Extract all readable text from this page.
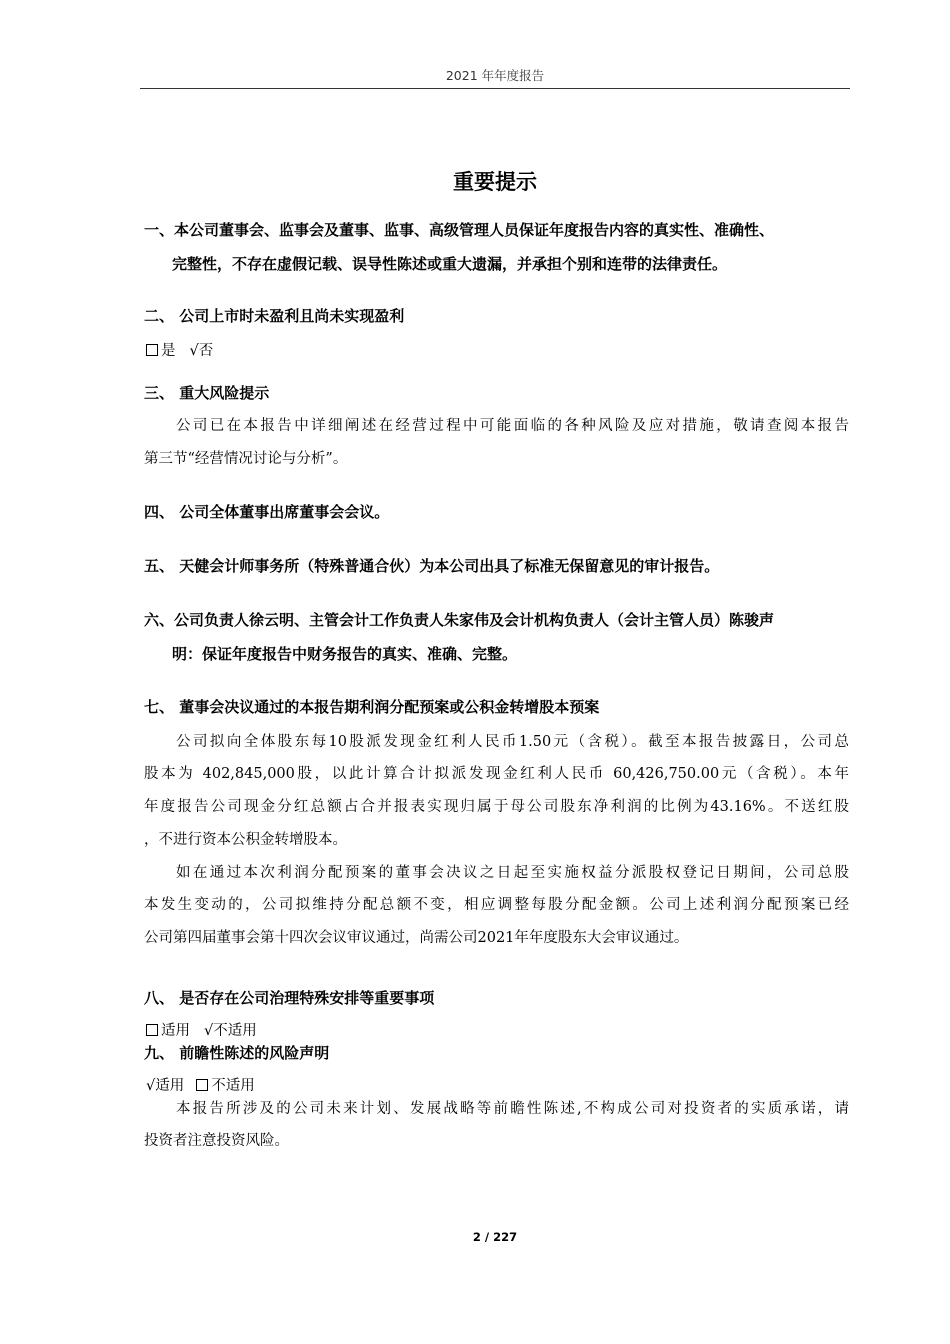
2021 年年度报告
重要提示
一、本公司董事会、监事会及董事、监事、高级管理人员保证年度报告内容的真实性、准确性、
完整性，不存在虚假记载、误导性陈述或重大遗漏，并承担个别和连带的法律责任。
二、 公司上市时未盈利且尚未实现盈利
是 √否
三、 重大风险提示
公司已在本报告中详细阐述在经营过程中可能面临的各种风险及应对措施，敬请查阅本报告
第三节“经营情况讨论与分析”。
四、 公司全体董事出席董事会会议。
五、 天健会计师事务所（特殊普通合伙）为本公司出具了标准无保留意见的审计报告。
六、公司负责人徐云明、主管会计工作负责人朱家伟及会计机构负责人（会计主管人员）陈骏声
明：保证年度报告中财务报告的真实、准确、完整。
七、 董事会决议通过的本报告期利润分配预案或公积金转增股本预案
公司拟向全体股东每10股派发现金红利人民币1.50元（含税）。截至本报告披露日，公司总
股本为 402,845,000股，以此计算合计拟派发现金红利人民币 60,426,750.00元（含税）。本年
年度报告公司现金分红总额占合并报表实现归属于母公司股东净利润的比例为43.16%。不送红股
，不进行资本公积金转增股本。
如在通过本次利润分配预案的董事会决议之日起至实施权益分派股权登记日期间，公司总股
本发生变动的，公司拟维持分配总额不变，相应调整每股分配金额。公司上述利润分配预案已经
公司第四届董事会第十四次会议审议通过，尚需公司2021年年度股东大会审议通过。
八、 是否存在公司治理特殊安排等重要事项
适用 √不适用
九、 前瞻性陈述的风险声明
√适用 不适用
本报告所涉及的公司未来计划、发展战略等前瞻性陈述,不构成公司对投资者的实质承诺，请
投资者注意投资风险。
2 / 227
